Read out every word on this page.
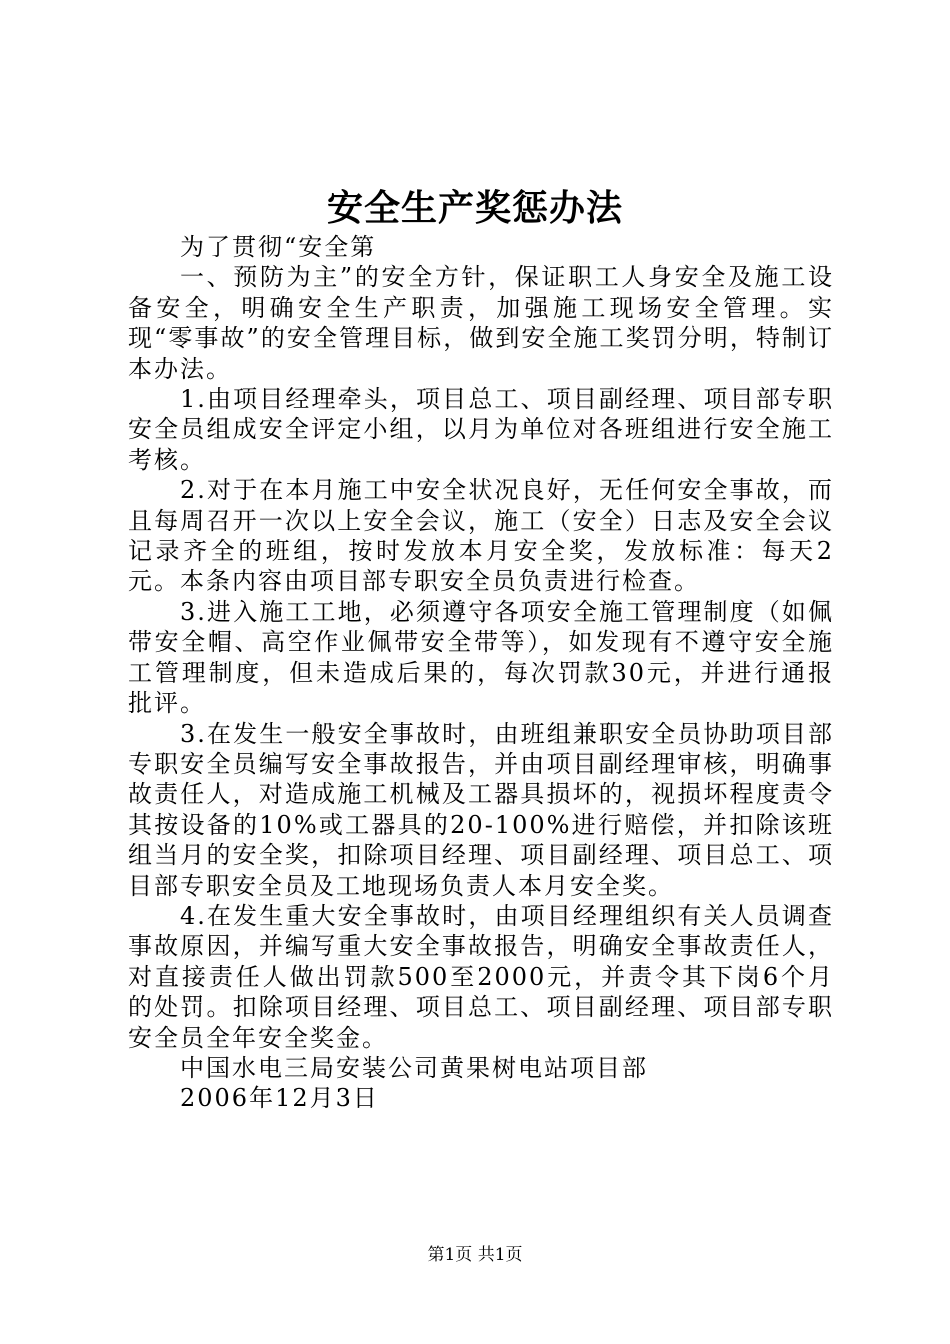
安全生产奖惩办法

为了贯彻“安全第

一、预防为主”的安全方针，保证职工人身安全及施工设备安全，明确安全生产职责，加强施工现场安全管理。实现“零事故”的安全管理目标，做到安全施工奖罚分明，特制订本办法。

1.由项目经理牵头，项目总工、项目副经理、项目部专职安全员组成安全评定小组，以月为单位对各班组进行安全施工考核。

2.对于在本月施工中安全状况良好，无任何安全事故，而且每周召开一次以上安全会议，施工（安全）日志及安全会议记录齐全的班组，按时发放本月安全奖，发放标准：每天2元。本条内容由项目部专职安全员负责进行检查。

3.进入施工工地，必须遵守各项安全施工管理制度（如佩带安全帽、高空作业佩带安全带等），如发现有不遵守安全施工管理制度，但未造成后果的，每次罚款30元，并进行通报批评。

3.在发生一般安全事故时，由班组兼职安全员协助项目部专职安全员编写安全事故报告，并由项目副经理审核，明确事故责任人，对造成施工机械及工器具损坏的，视损坏程度责令其按设备的10%或工器具的20-100%进行赔偿，并扣除该班组当月的安全奖，扣除项目经理、项目副经理、项目总工、项目部专职安全员及工地现场负责人本月安全奖。

4.在发生重大安全事故时，由项目经理组织有关人员调查事故原因，并编写重大安全事故报告，明确安全事故责任人，对直接责任人做出罚款500至2000元，并责令其下岗6个月的处罚。扣除项目经理、项目总工、项目副经理、项目部专职安全员全年安全奖金。

中国水电三局安装公司黄果树电站项目部

2006年12月3日

第1页 共1页
